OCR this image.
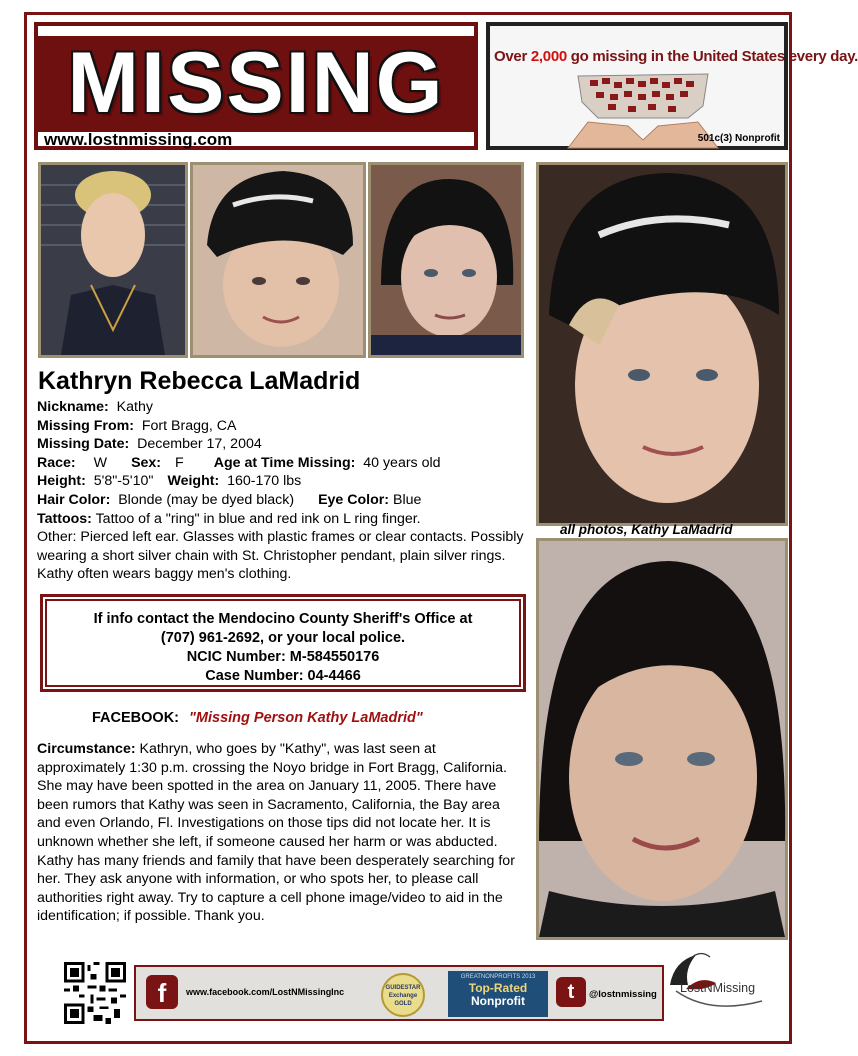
MISSING
www.lostnmissing.com
Over 2,000 go missing in the United States every day.
501c(3) Nonprofit
all photos, Kathy LaMadrid
Kathryn Rebecca LaMadrid
Nickname: Kathy
Missing From: Fort Bragg, CA
Missing Date: December 17, 2004
Race: W Sex: F Age at Time Missing: 40 years old
Height: 5'8"-5'10" Weight: 160-170 lbs
Hair Color: Blonde (may be dyed black) Eye Color: Blue
Tattoos: Tattoo of a "ring" in blue and red ink on L ring finger.
Other: Pierced left ear. Glasses with plastic frames or clear contacts. Possibly wearing a short silver chain with St. Christopher pendant, plain silver rings. Kathy often wears baggy men's clothing.
If info contact the Mendocino County Sheriff's Office at
(707) 961-2692, or your local police.
NCIC Number: M-584550176
Case Number: 04-4466
FACEBOOK: "Missing Person Kathy LaMadrid"
Circumstance: Kathryn, who goes by "Kathy", was last seen at approximately 1:30 p.m. crossing the Noyo bridge in Fort Bragg, California. She may have been spotted in the area on January 11, 2005. There have been rumors that Kathy was seen in Sacramento, California, the Bay area and even Orlando, Fl. Investigations on those tips did not locate her. It is unknown whether she left, if someone caused her harm or was abducted. Kathy has many friends and family that have been desperately searching for her. They ask anyone with information, or who spots her, to please call authorities right away. Try to capture a cell phone image/video to aid in the identification; if possible. Thank you.
f	www.facebook.com/LostNMissingInc	GUIDESTAR
Exchange
GOLD
GREATNONPROFITS 2013
Top-Rated
Nonprofit	t	@lostnmissing LostNMissing
